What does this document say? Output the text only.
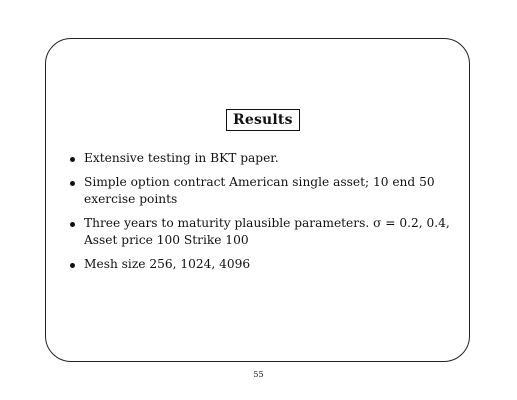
Results
Extensive testing in BKT paper.
Simple option contract American single asset; 10 end 50
exercise points
Three years to maturity plausible parameters. σ = 0.2, 0.4,
Asset price 100 Strike 100
Mesh size 256, 1024, 4096
55
